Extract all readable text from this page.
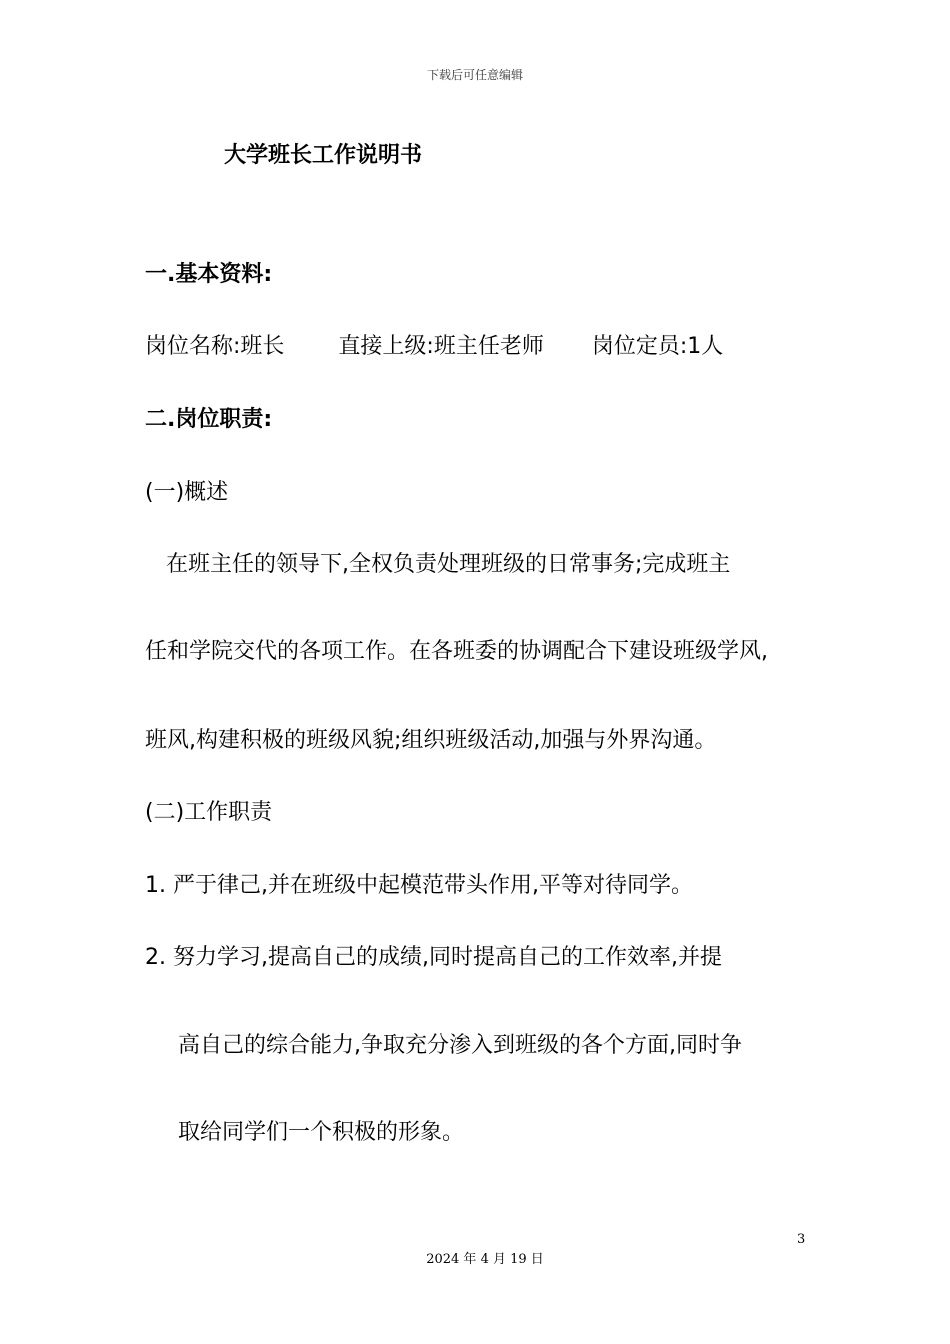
下载后可任意编辑
大学班长工作说明书
一.基本资料:
岗位名称:班长 直接上级:班主任老师 岗位定员:1人
二.岗位职责:
(一)概述
在班主任的领导下,全权负责处理班级的日常事务;完成班主
任和学院交代的各项工作。在各班委的协调配合下建设班级学风,
班风,构建积极的班级风貌;组织班级活动,加强与外界沟通。
(二)工作职责
1. 严于律己,并在班级中起模范带头作用,平等对待同学。
2. 努力学习,提高自己的成绩,同时提高自己的工作效率,并提
高自己的综合能力,争取充分渗入到班级的各个方面,同时争
取给同学们一个积极的形象。
3
2024 年 4 月 19 日
